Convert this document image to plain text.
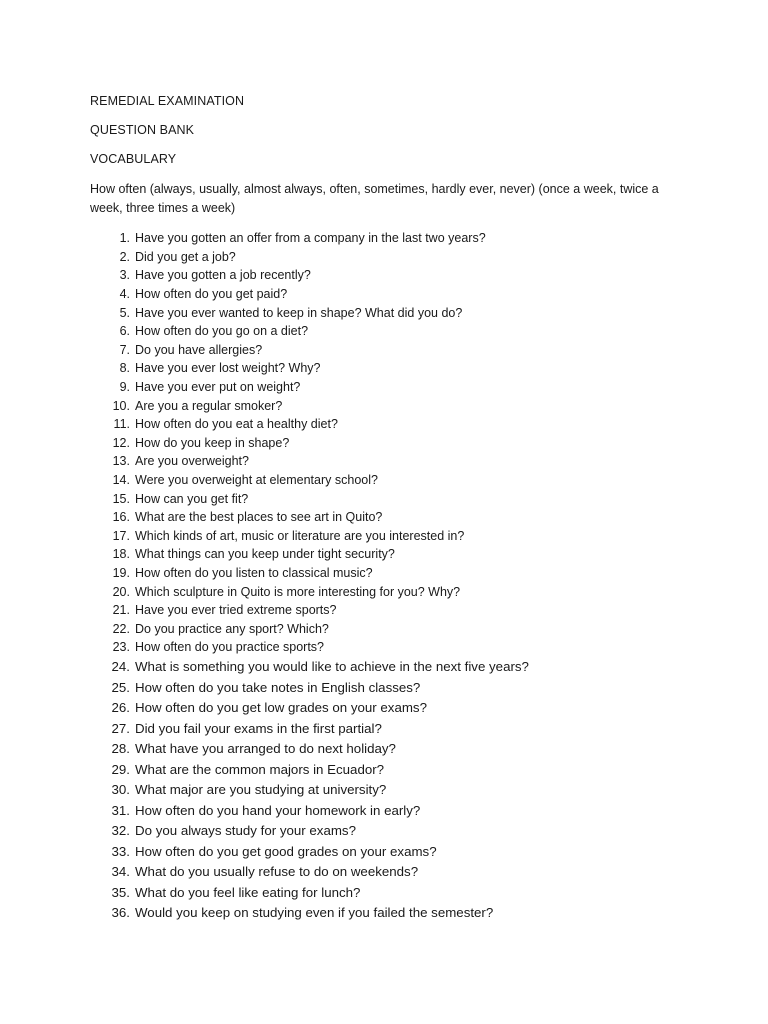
REMEDIAL EXAMINATION
QUESTION BANK
VOCABULARY
How often (always, usually, almost always, often, sometimes, hardly ever, never) (once a week, twice a week, three times a week)
1. Have you gotten an offer from a company in the last two years?
2. Did you get a job?
3. Have you gotten a job recently?
4. How often do you get paid?
5. Have you ever wanted to keep in shape? What did you do?
6. How often do you go on a diet?
7. Do you have allergies?
8. Have you ever lost weight? Why?
9. Have you ever put on weight?
10. Are you a regular smoker?
11. How often do you eat a healthy diet?
12. How do you keep in shape?
13. Are you overweight?
14. Were you overweight at elementary school?
15. How can you get fit?
16. What are the best places to see art in Quito?
17. Which kinds of art, music or literature are you interested in?
18. What things can you keep under tight security?
19. How often do you listen to classical music?
20. Which sculpture in Quito is more interesting for you? Why?
21. Have you ever tried extreme sports?
22. Do you practice any sport? Which?
23. How often do you practice sports?
24. What is something you would like to achieve in the next five years?
25. How often do you take notes in English classes?
26. How often do you get low grades on your exams?
27. Did you fail your exams in the first partial?
28. What have you arranged to do next holiday?
29. What are the common majors in Ecuador?
30. What major are you studying at university?
31. How often do you hand your homework in early?
32. Do you always study for your exams?
33. How often do you get good grades on your exams?
34. What do you usually refuse to do on weekends?
35. What do you feel like eating for lunch?
36. Would you keep on studying even if you failed the semester?
